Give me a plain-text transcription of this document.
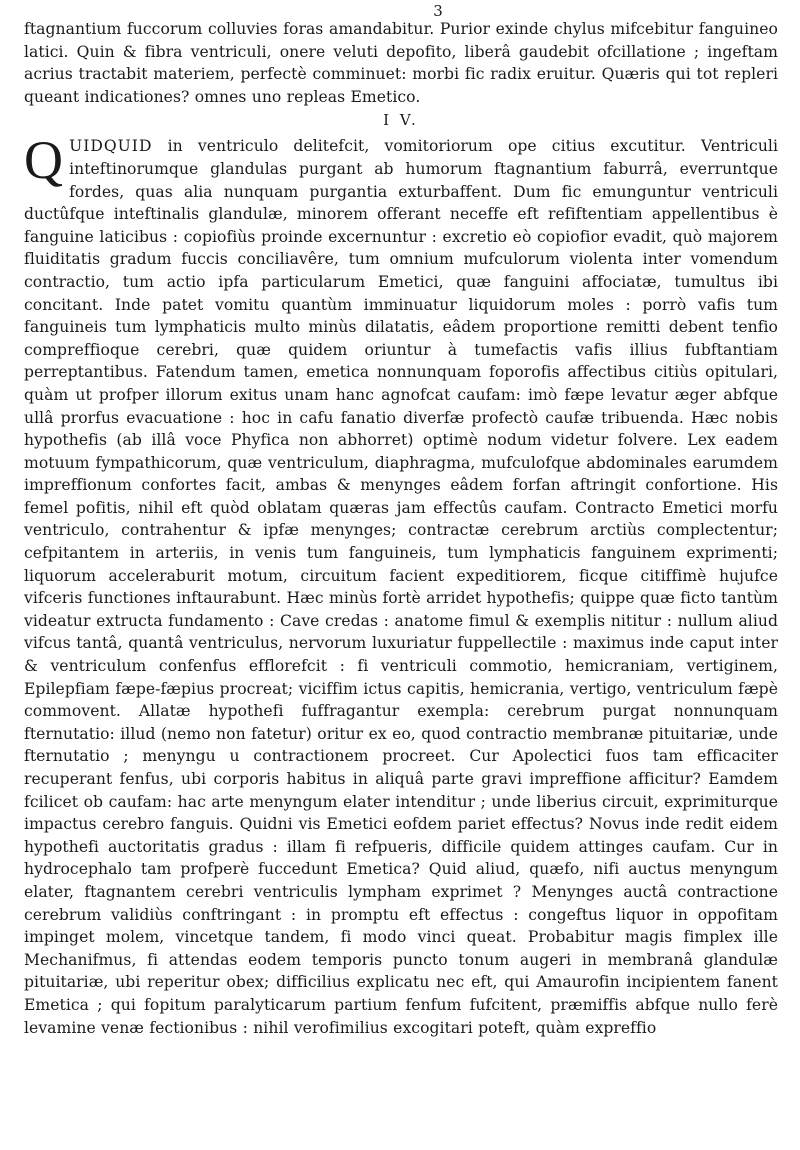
3

ftagnantium fuccorum colluvies foras amandabitur. Purior exinde chylus mifcebitur fanguineo latici. Quin & fibra ventriculi, onere veluti depofito, liberâ gaudebit ofcillatione ; ingeftam acrius tractabit materiem, perfectè comminuet: morbi fic radix eruitur. Quæris qui tot repleri queant indicationes? omnes uno repleas Emetico.

I V.
Q UIDQUID in ventriculo delitefcit, vomitoriorum ope citius excutitur. Ventriculi inteftinorumque glandulas purgant ab humorum ftagnantium faburrâ, everruntque fordes, quas alia nunquam purgantia exturbaffent. Dum fic emunguntur ventriculi ductûfque inteftinalis glandulæ, minorem offerant neceffe eft refiftentiam appellentibus è fanguine laticibus : copiofiùs proinde excernuntur : excretio eò copiofior evadit, quò majorem fluiditatis gradum fuccis conciliavêre, tum omnium mufculorum violenta inter vomendum contractio, tum actio ipfa particularum Emetici, quæ fanguini affociatæ, tumultus ibi concitant. Inde patet vomitu quantùm imminuatur liquidorum moles : porrò vafis tum fanguineis tum lymphaticis multo minùs dilatatis, eâdem proportione remitti debent tenfio compreffioque cerebri, quæ quidem oriuntur à tumefactis vafis illius fubftantiam perreptantibus. Fatendum tamen, emetica nonnunquam foporofis affectibus citiùs opitulari, quàm ut profper illorum exitus unam hanc agnofcat caufam: imò fæpe levatur æger abfque ullâ prorfus evacuatione : hoc in cafu fanatio diverfæ profectò caufæ tribuenda. Hæc nobis hypothefis (ab illâ voce Phyfica non abhorret) optimè nodum videtur folvere. Lex eadem motuum fympathicorum, quæ ventriculum, diaphragma, mufculofque abdominales earumdem impreffionum confortes facit, ambas & menynges eâdem forfan aftringit confortione. His femel pofitis, nihil eft quòd oblatam quæras jam effectûs caufam. Contracto Emetici morfu ventriculo, contrahentur & ipfæ menynges; contractæ cerebrum arctiùs complectentur; cefpitantem in arteriis, in venis tum fanguineis, tum lymphaticis fanguinem exprimenti; liquorum acceleraburit motum, circuitum facient expeditiorem, ficque citiffimè hujufce vifceris functiones inftaurabunt. Hæc minùs fortè arridet hypothefis; quippe quæ ficto tantùm videatur extructa fundamento : Cave credas : anatome fimul & exemplis nititur : nullum aliud vifcus tantâ, quantâ ventriculus, nervorum luxuriatur fuppellectile : maximus inde caput inter & ventriculum confenfus efflorefcit : fi ventriculi commotio, hemicraniam, vertiginem, Epilepfiam fæpe-fæpius procreat; viciffim ictus capitis, hemicrania, vertigo, ventriculum fæpè commovent. Allatæ hypothefi fuffragantur exempla: cerebrum purgat nonnunquam fternutatio: illud (nemo non fatetur) oritur ex eo, quod contractio membranæ pituitariæ, unde fternutatio ; menyngu u contractionem procreet. Cur Apolectici fuos tam efficaciter recuperant fenfus, ubi corporis habitus in aliquâ parte gravi impreffione afficitur? Eamdem fcilicet ob caufam: hac arte menyngum elater intenditur ; unde liberius circuit, exprimiturque impactus cerebro fanguis. Quidni vis Emetici eofdem pariet effectus? Novus inde redit eidem hypothefi auctoritatis gradus : illam fi refpueris, difficile quidem attinges caufam. Cur in hydrocephalo tam profperè fuccedunt Emetica? Quid aliud, quæfo, nifi auctus menyngum elater, ftagnantem cerebri ventriculis lympham exprimet ? Menynges auctâ contractione cerebrum validiùs conftringant : in promptu eft effectus : congeftus liquor in oppofitam impinget molem, vincetque tandem, fi modo vinci queat. Probabitur magis fimplex ille Mechanifmus, fi attendas eodem temporis puncto tonum augeri in membranâ glandulæ pituitariæ, ubi reperitur obex; difficilius explicatu nec eft, qui Amaurofin incipientem fanent Emetica ; qui fopitum paralyticarum partium fenfum fufcitent, præmiffis abfque nullo ferè levamine venæ fectionibus : nihil verofimilius excogitari poteft, quàm expreffio
